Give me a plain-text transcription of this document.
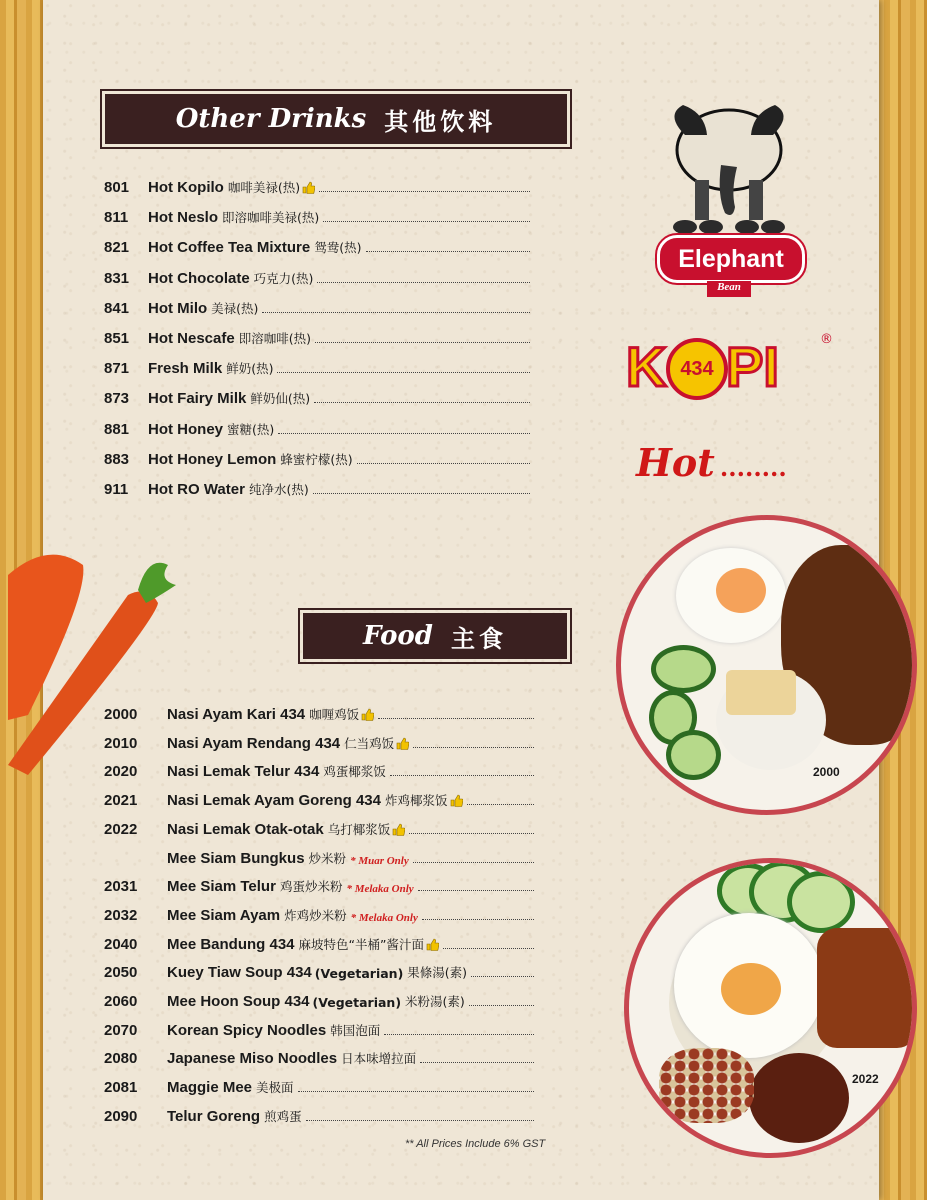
Other Drinks 其他饮料
801	Hot Kopilo 咖啡美禄(热)
811	Hot Neslo 即溶咖啡美禄(热)
821	Hot Coffee Tea Mixture 鸳鸯(热)
831	Hot Chocolate 巧克力(热)
841	Hot Milo 美禄(热)
851	Hot Nescafe 即溶咖啡(热)
871	Fresh Milk 鲜奶(热)
873	Hot Fairy Milk 鲜奶仙(热)
881	Hot Honey 蜜糖(热)
883	Hot Honey Lemon 蜂蜜柠檬(热)
911	Hot RO Water 纯净水(热)
Food 主食
2000	Nasi Ayam Kari 434 咖喱鸡饭
2010	Nasi Ayam Rendang 434 仁当鸡饭
2020	Nasi Lemak Telur 434 鸡蛋椰浆饭
2021	Nasi Lemak Ayam Goreng 434 炸鸡椰浆饭
2022	Nasi Lemak Otak-otak 乌打椰浆饭
Mee Siam Bungkus 炒米粉 * Muar Only
2031	Mee Siam Telur 鸡蛋炒米粉 * Melaka Only
2032	Mee Siam Ayam 炸鸡炒米粉 * Melaka Only
2040	Mee Bandung 434 麻坡特色“半桶”酱汁面
2050	Kuey Tiaw Soup 434 (Vegetarian) 果條湯(素)
2060	Mee Hoon Soup 434 (Vegetarian) 米粉湯(素)
2070	Korean Spicy Noodles 韩国泡面
2080	Japanese Miso Noodles 日本味增拉面
2081	Maggie Mee 美极面
2090	Telur Goreng 煎鸡蛋
** All Prices Include 6% GST
Elephant
Bean
K 434 PI	®
Hot ........
2000
2022
